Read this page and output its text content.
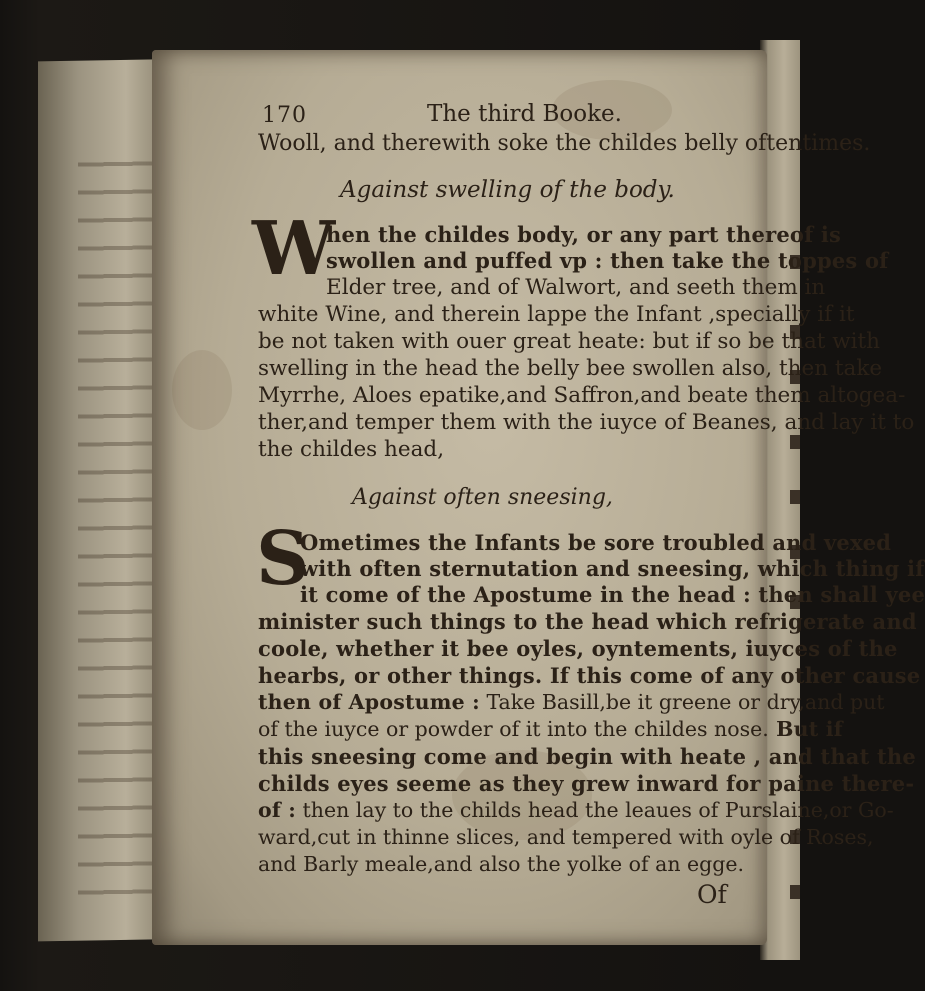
170	The third Booke.
Wooll, and therewith soke the childes belly oftentimes.
Against swelling of the body.
W
hen the childes body, or any part thereof is
swollen and puffed vp : then take the toppes of
Elder tree, and of Walwort, and seeth them in
white Wine, and therein lappe the Infant ,specially if it
be not taken with ouer great heate: but if so be that with
swelling in the head the belly bee swollen also, then take
Myrrhe, Aloes epatike,and Saffron,and beate them altogea-
ther,and temper them with the iuyce of Beanes, and lay it to
the childes head,
Against often sneesing,
S
Ometimes the Infants be sore troubled and vexed
with often sternutation and sneesing, which thing if
it come of the Apostume in the head : then shall yee
minister such things to the head which refrigerate and
coole, whether it bee oyles, oyntements, iuyces of the
hearbs, or other things. If this come of any other cause
then of Apostume : Take Basill,be it greene or dry,and put
of the iuyce or powder of it into the childes nose. But if
this sneesing come and begin with heate , and that the
childs eyes seeme as they grew inward for paine there-
of : then lay to the childs head the leaues of Purslaine,or Go-
ward,cut in thinne slices, and tempered with oyle of Roses,
and Barly meale,and also the yolke of an egge.
Of
